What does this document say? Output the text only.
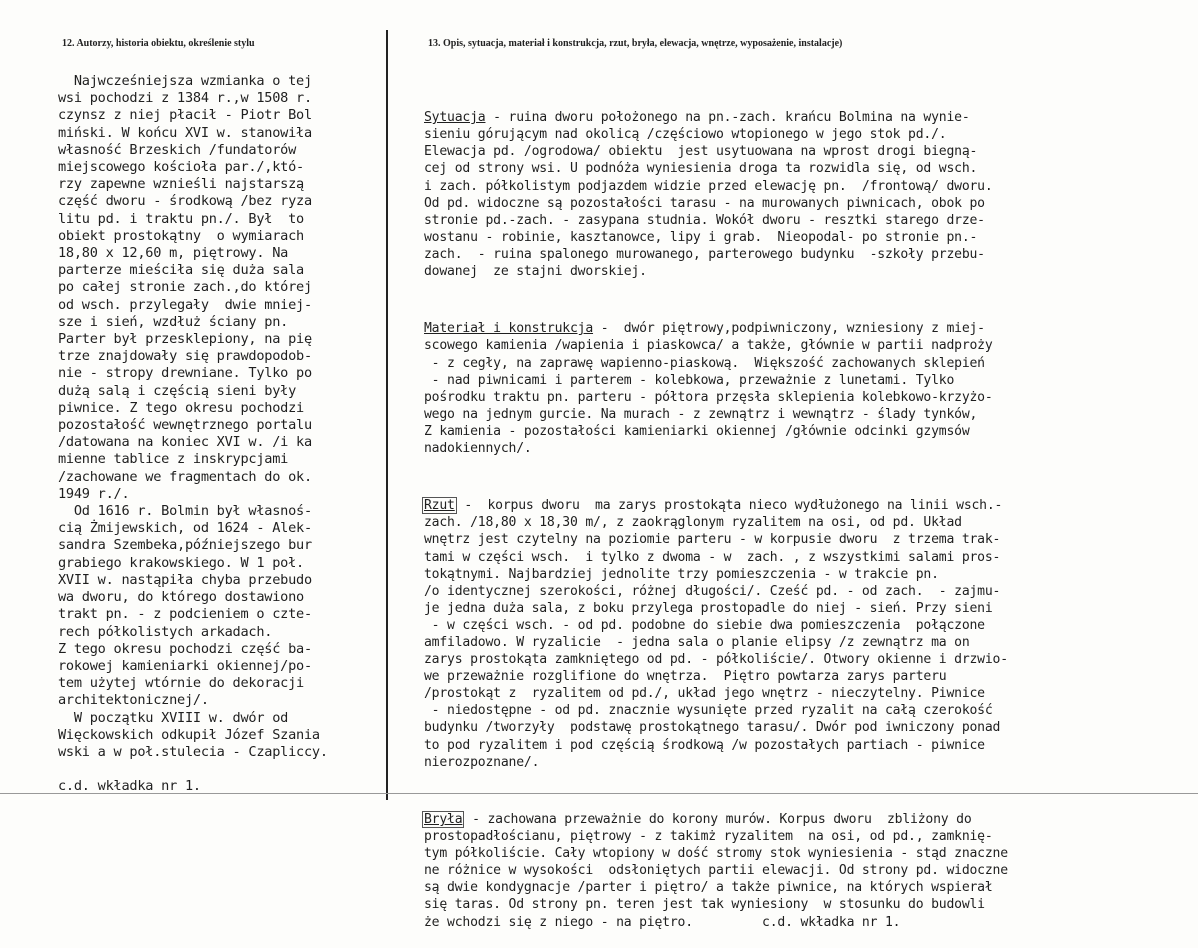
12. Autorzy, historia obiektu, określenie stylu	13. Opis, sytuacja, materiał i konstrukcja, rzut, bryła, elewacja, wnętrze, wyposażenie, instalacje)
Najwcześniejsza wzmianka o tej
wsi pochodzi z 1384 r.,w 1508 r.
czynsz z niej płacił - Piotr Bol
miński. W końcu XVI w. stanowiła
własność Brzeskich /fundatorów
miejscowego kościoła par./,któ-
rzy zapewne wznieśli najstarszą
część dworu - środkową /bez ryza
litu pd. i traktu pn./. Był  to
obiekt prostokątny  o wymiarach
18,80 x 12,60 m, piętrowy. Na
parterze mieściła się duża sala
po całej stronie zach.,do której
od wsch. przylegały  dwie mniej-
sze i sień, wzdłuż ściany pn.
Parter był przesklepiony, na pię
trze znajdowały się prawdopodob-
nie - stropy drewniane. Tylko po
dużą salą i częścią sieni były
piwnice. Z tego okresu pochodzi
pozostałość wewnętrznego portalu
/datowana na koniec XVI w. /i ka
mienne tablice z inskrypcjami
/zachowane we fragmentach do ok.
1949 r./.
Od 1616 r. Bolmin był własnoś-
cią Żmijewskich, od 1624 - Alek-
sandra Szembeka,późniejszego bur
grabiego krakowskiego. W 1 poł.
XVII w. nastąpiła chyba przebudo
wa dworu, do którego dostawiono
trakt pn. - z podcieniem o czte-
rech półkolistych arkadach.
Z tego okresu pochodzi część ba-
rokowej kamieniarki okiennej/po-
tem użytej wtórnie do dekoracji
architektonicznej/.
W początku XVIII w. dwór od
Więckowskich odkupił Józef Szania
wski a w poł.stulecia - Czapliccy.

c.d. wkładka nr 1.

Sytuacja - ruina dworu położonego na pn.-zach. krańcu Bolmina na wynie-
sieniu górującym nad okolicą /częściowo wtopionego w jego stok pd./.
Elewacja pd. /ogrodowa/ obiektu  jest usytuowana na wprost drogi biegną-
cej od strony wsi. U podnóża wyniesienia droga ta rozwidla się, od wsch.
i zach. półkolistym podjazdem widzie przed elewację pn.  /frontową/ dworu.
Od pd. widoczne są pozostałości tarasu - na murowanych piwnicach, obok po
stronie pd.-zach. - zasypana studnia. Wokół dworu - resztki starego drze-
wostanu - robinie, kasztanowce, lipy i grab.  Nieopodal- po stronie pn.-
zach.  - ruina spalonego murowanego, parterowego budynku  -szkoły przebu-
dowanej  ze stajni dworskiej.

Materiał i konstrukcja -  dwór piętrowy,podpiwniczony, wzniesiony z miej-
scowego kamienia /wapienia i piaskowca/ a także, głównie w partii nadproży
- z cegły, na zaprawę wapienno-piaskową.  Większość zachowanych sklepień
- nad piwnicami i parterem - kolebkowa, przeważnie z lunetami. Tylko
pośrodku traktu pn. parteru - półtora przęsła sklepienia kolebkowo-krzyżo-
wego na jednym gurcie. Na murach - z zewnątrz i wewnątrz - ślady tynków,
Z kamienia - pozostałości kamieniarki okiennej /głównie odcinki gzymsów
nadokiennych/.

Rzut -  korpus dworu  ma zarys prostokąta nieco wydłużonego na linii wsch.-
zach. /18,80 x 18,30 m/, z zaokrąglonym ryzalitem na osi, od pd. Układ
wnętrz jest czytelny na poziomie parteru - w korpusie dworu  z trzema trak-
tami w części wsch.  i tylko z dwoma - w  zach. , z wszystkimi salami pros-
tokątnymi. Najbardziej jednolite trzy pomieszczenia - w trakcie pn.
/o identycznej szerokości, różnej długości/. Cześć pd. - od zach.  - zajmu-
je jedna duża sala, z boku przylega prostopadle do niej - sień. Przy sieni
- w części wsch. - od pd. podobne do siebie dwa pomieszczenia  połączone
amfiladowo. W ryzalicie  - jedna sala o planie elipsy /z zewnątrz ma on
zarys prostokąta zamkniętego od pd. - półkoliście/. Otwory okienne i drzwio-
we przeważnie rozglifione do wnętrza.  Piętro powtarza zarys parteru
/prostokąt z  ryzalitem od pd./, układ jego wnętrz - nieczytelny. Piwnice
- niedostępne - od pd. znacznie wysunięte przed ryzalit na całą czerokość
budynku /tworzyły  podstawę prostokątnego tarasu/. Dwór pod iwniczony ponad
to pod ryzalitem i pod częścią środkową /w pozostałych partiach - piwnice
nierozpoznane/.

Bryła - zachowana przeważnie do korony murów. Korpus dworu  zbliżony do
prostopadłościanu, piętrowy - z takimż ryzalitem  na osi, od pd., zamknię-
tym półkoliście. Cały wtopiony w dość stromy stok wyniesienia - stąd znaczne
ne różnice w wysokości  odsłoniętych partii elewacji. Od strony pd. widoczne
są dwie kondygnacje /parter i piętro/ a także piwnice, na których wspierał
się taras. Od strony pn. teren jest tak wyniesiony  w stosunku do budowli
że wchodzi się z niego - na piętro.         c.d. wkładka nr 1.
